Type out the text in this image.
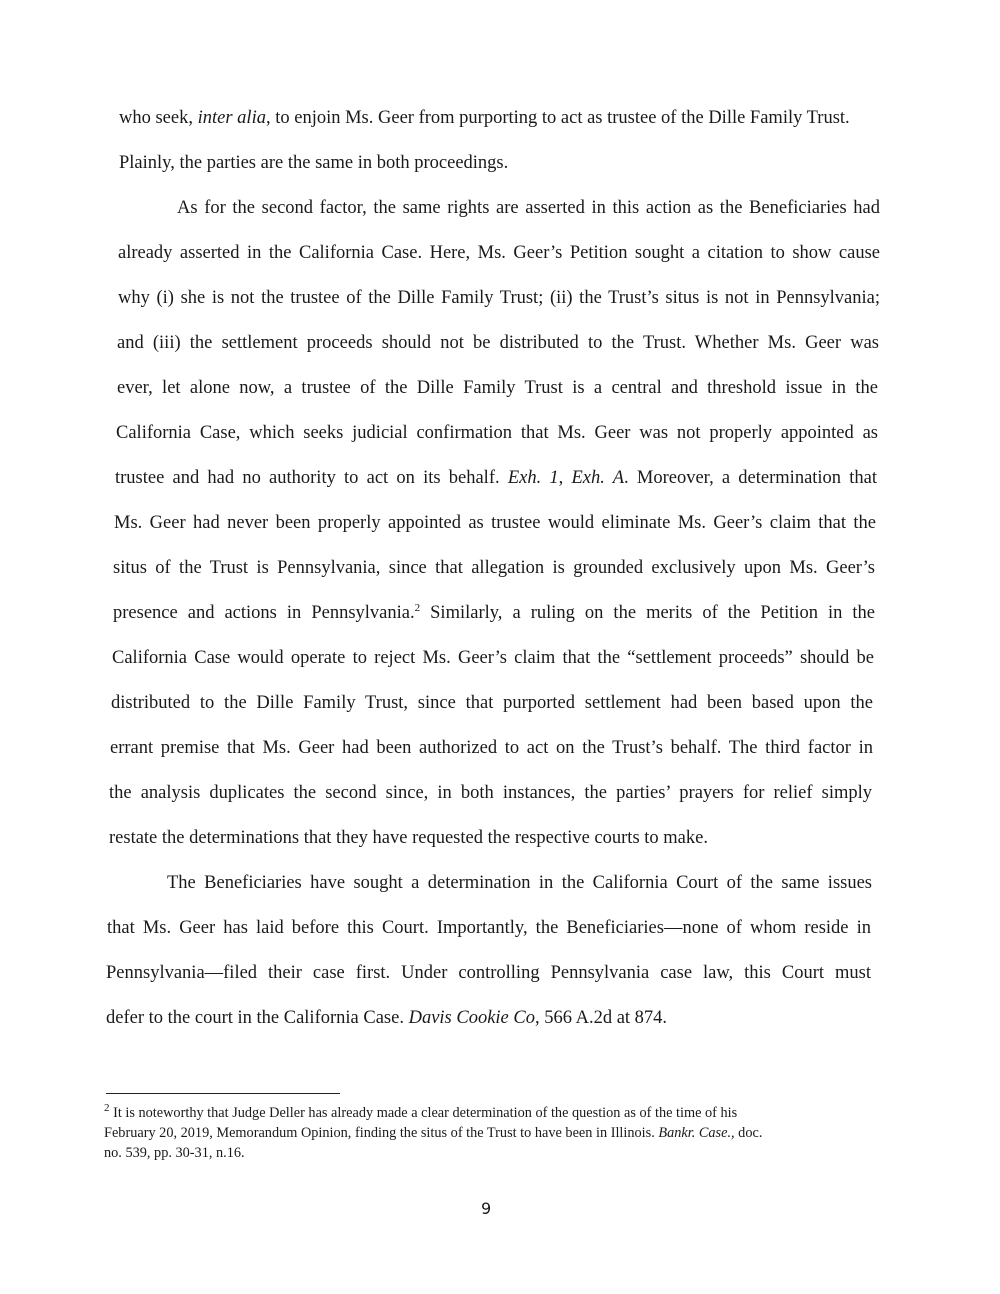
who seek, inter alia, to enjoin Ms. Geer from purporting to act as trustee of the Dille Family Trust.
Plainly, the parties are the same in both proceedings.
As for the second factor, the same rights are asserted in this action as the Beneficiaries had
already asserted in the California Case. Here, Ms. Geer’s Petition sought a citation to show cause
why (i) she is not the trustee of the Dille Family Trust; (ii) the Trust’s situs is not in Pennsylvania;
and (iii) the settlement proceeds should not be distributed to the Trust. Whether Ms. Geer was
ever, let alone now, a trustee of the Dille Family Trust is a central and threshold issue in the
California Case, which seeks judicial confirmation that Ms. Geer was not properly appointed as
trustee and had no authority to act on its behalf. Exh. 1, Exh. A. Moreover, a determination that
Ms. Geer had never been properly appointed as trustee would eliminate Ms. Geer’s claim that the
situs of the Trust is Pennsylvania, since that allegation is grounded exclusively upon Ms. Geer’s
presence and actions in Pennsylvania.$^2$ Similarly, a ruling on the merits of the Petition in the
California Case would operate to reject Ms. Geer’s claim that the “settlement proceeds” should be
distributed to the Dille Family Trust, since that purported settlement had been based upon the
errant premise that Ms. Geer had been authorized to act on the Trust’s behalf. The third factor in
the analysis duplicates the second since, in both instances, the parties’ prayers for relief simply
restate the determinations that they have requested the respective courts to make.
The Beneficiaries have sought a determination in the California Court of the same issues
that Ms. Geer has laid before this Court. Importantly, the Beneficiaries—none of whom reside in
Pennsylvania—filed their case first. Under controlling Pennsylvania case law, this Court must
defer to the court in the California Case. Davis Cookie Co, 566 A.2d at 874.
$^2$ It is noteworthy that Judge Deller has already made a clear determination of the question as of the time of his
February 20, 2019, Memorandum Opinion, finding the situs of the Trust to have been in Illinois. Bankr. Case., doc.
no. 539, pp. 30-31, n.16.
9
